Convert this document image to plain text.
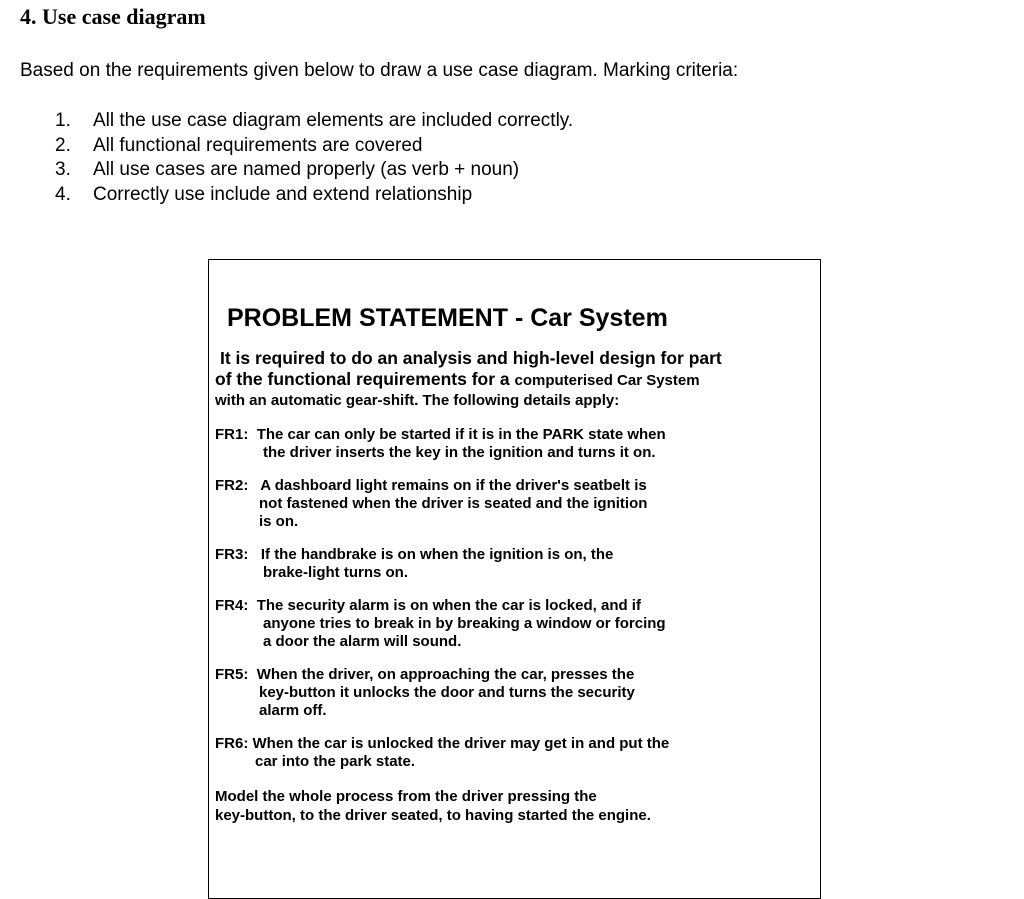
4. Use case diagram

Based on the requirements given below to draw a use case diagram. Marking criteria:

1.	All the use case diagram elements are included correctly.
2.	All functional requirements are covered
3.	All use cases are named properly (as verb + noun)
4.	Correctly use include and extend relationship
PROBLEM STATEMENT - Car System
It is required to do an analysis and high-level design for part
of the functional requirements for a computerised Car System
with an automatic gear-shift. The following details apply:
FR1: The car can only be started if it is in the PARK state when
the driver inserts the key in the ignition and turns it on.
FR2: A dashboard light remains on if the driver's seatbelt is
not fastened when the driver is seated and the ignition
is on.
FR3: If the handbrake is on when the ignition is on, the
brake-light turns on.
FR4: The security alarm is on when the car is locked, and if
anyone tries to break in by breaking a window or forcing
a door the alarm will sound.
FR5: When the driver, on approaching the car, presses the
key-button it unlocks the door and turns the security
alarm off.
FR6: When the car is unlocked the driver may get in and put the
car into the park state.
Model the whole process from the driver pressing the
key-button, to the driver seated, to having started the engine.
